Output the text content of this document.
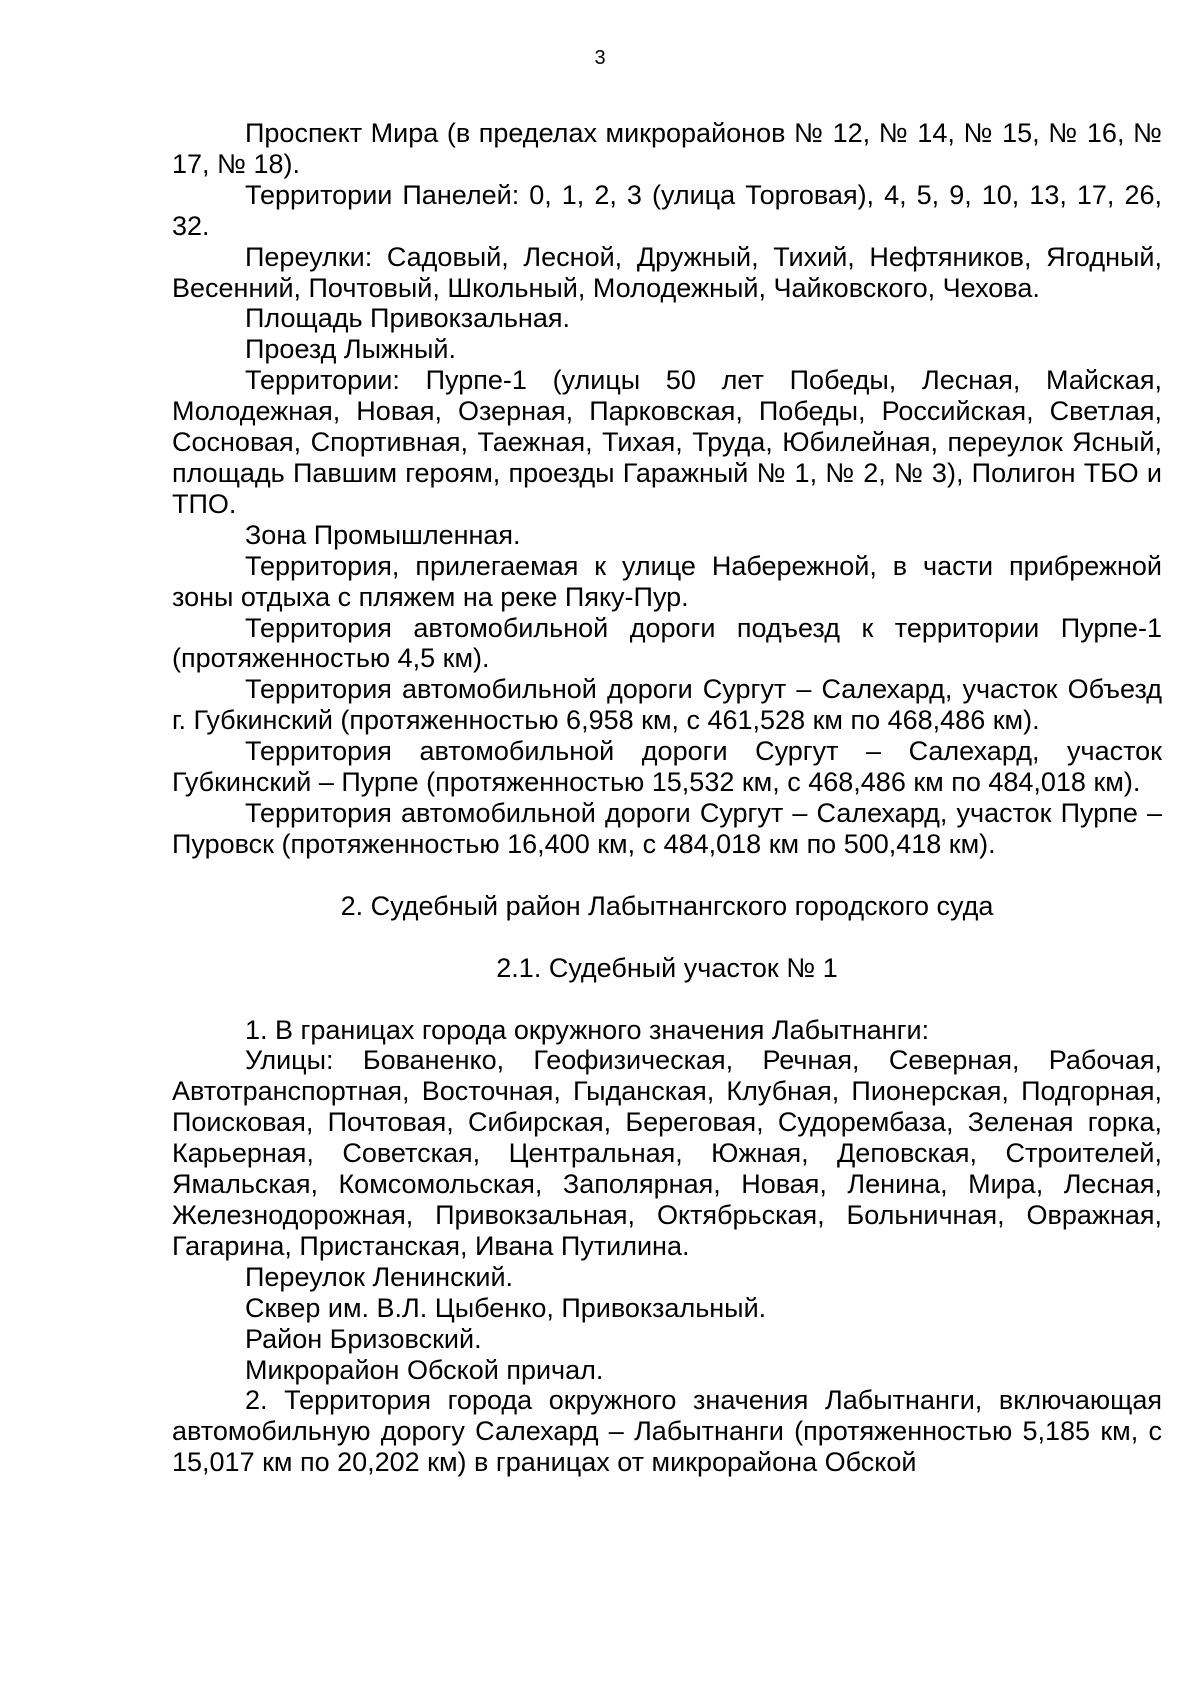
3

Проспект Мира (в пределах микрорайонов № 12, № 14, № 15, № 16, № 17, № 18).

Территории Панелей: 0, 1, 2, 3 (улица Торговая), 4, 5, 9, 10, 13, 17, 26, 32.

Переулки: Садовый, Лесной, Дружный, Тихий, Нефтяников, Ягодный, Весенний, Почтовый, Школьный, Молодежный, Чайковского, Чехова.

Площадь Привокзальная.

Проезд Лыжный.

Территории: Пурпе-1 (улицы 50 лет Победы, Лесная, Майская, Молодежная, Новая, Озерная, Парковская, Победы, Российская, Светлая, Сосновая, Спортивная, Таежная, Тихая, Труда, Юбилейная, переулок Ясный, площадь Павшим героям, проезды Гаражный № 1, № 2, № 3), Полигон ТБО и ТПО.

Зона Промышленная.

Территория, прилегаемая к улице Набережной, в части прибрежной зоны отдыха с пляжем на реке Пяку-Пур.

Территория автомобильной дороги подъезд к территории Пурпе-1 (протяженностью 4,5 км).

Территория автомобильной дороги Сургут – Салехард, участок Объезд г. Губкинский (протяженностью 6,958 км, с 461,528 км по 468,486 км).

Территория автомобильной дороги Сургут – Салехард, участок Губкинский – Пурпе (протяженностью 15,532 км, с 468,486 км по 484,018 км).

Территория автомобильной дороги Сургут – Салехард, участок Пурпе – Пуровск (протяженностью 16,400 км, с 484,018 км по 500,418 км).

2. Судебный район Лабытнангского городского суда

2.1. Судебный участок № 1

1. В границах города окружного значения Лабытнанги:

Улицы: Бованенко, Геофизическая, Речная, Северная, Рабочая, Автотранспортная, Восточная, Гыданская, Клубная, Пионерская, Подгорная, Поисковая, Почтовая, Сибирская, Береговая, Судорембаза, Зеленая горка, Карьерная, Советская, Центральная, Южная, Деповская, Строителей, Ямальская, Комсомольская, Заполярная, Новая, Ленина, Мира, Лесная, Железнодорожная, Привокзальная, Октябрьская, Больничная, Овражная, Гагарина, Пристанская, Ивана Путилина.

Переулок Ленинский.

Сквер им. В.Л. Цыбенко, Привокзальный.

Район Бризовский.

Микрорайон Обской причал.

2. Территория города окружного значения Лабытнанги, включающая автомобильную дорогу Салехард – Лабытнанги (протяженностью 5,185 км, с 15,017 км по 20,202 км) в границах от микрорайона Обской
